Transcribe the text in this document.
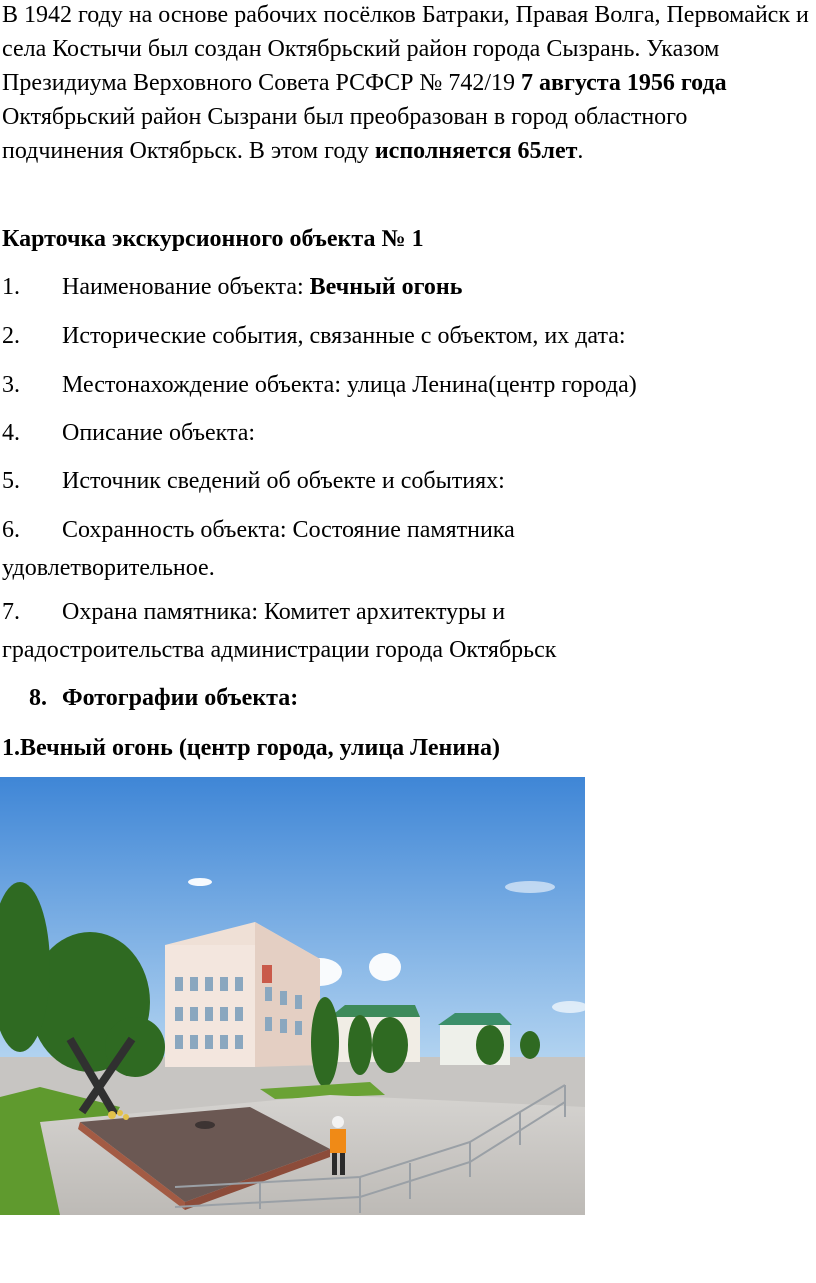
В 1942 году на основе рабочих посёлков Батраки, Правая Волга, Первомайск и села Костычи был создан Октябрьский район города Сызрань. Указом Президиума Верховного Совета РСФСР № 742/19 7 августа 1956 года Октябрьский район Сызрани был преобразован в город областного подчинения Октябрьск. В этом году исполняется 65лет.

Карточка экскурсионного объекта № 1

1. Наименование объекта: Вечный огонь

2. Исторические события, связанные с объектом, их дата:

3. Местонахождение объекта: улица Ленина(центр города)

4. Описание объекта:

5. Источник сведений об объекте и событиях:

6. Сохранность объекта: Состояние памятника
удовлетворительное.

7. Охрана памятника: Комитет архитектуры и
градостроительства администрации города Октябрьск

8. Фотографии объекта:

1.Вечный огонь (центр города, улица Ленина)
